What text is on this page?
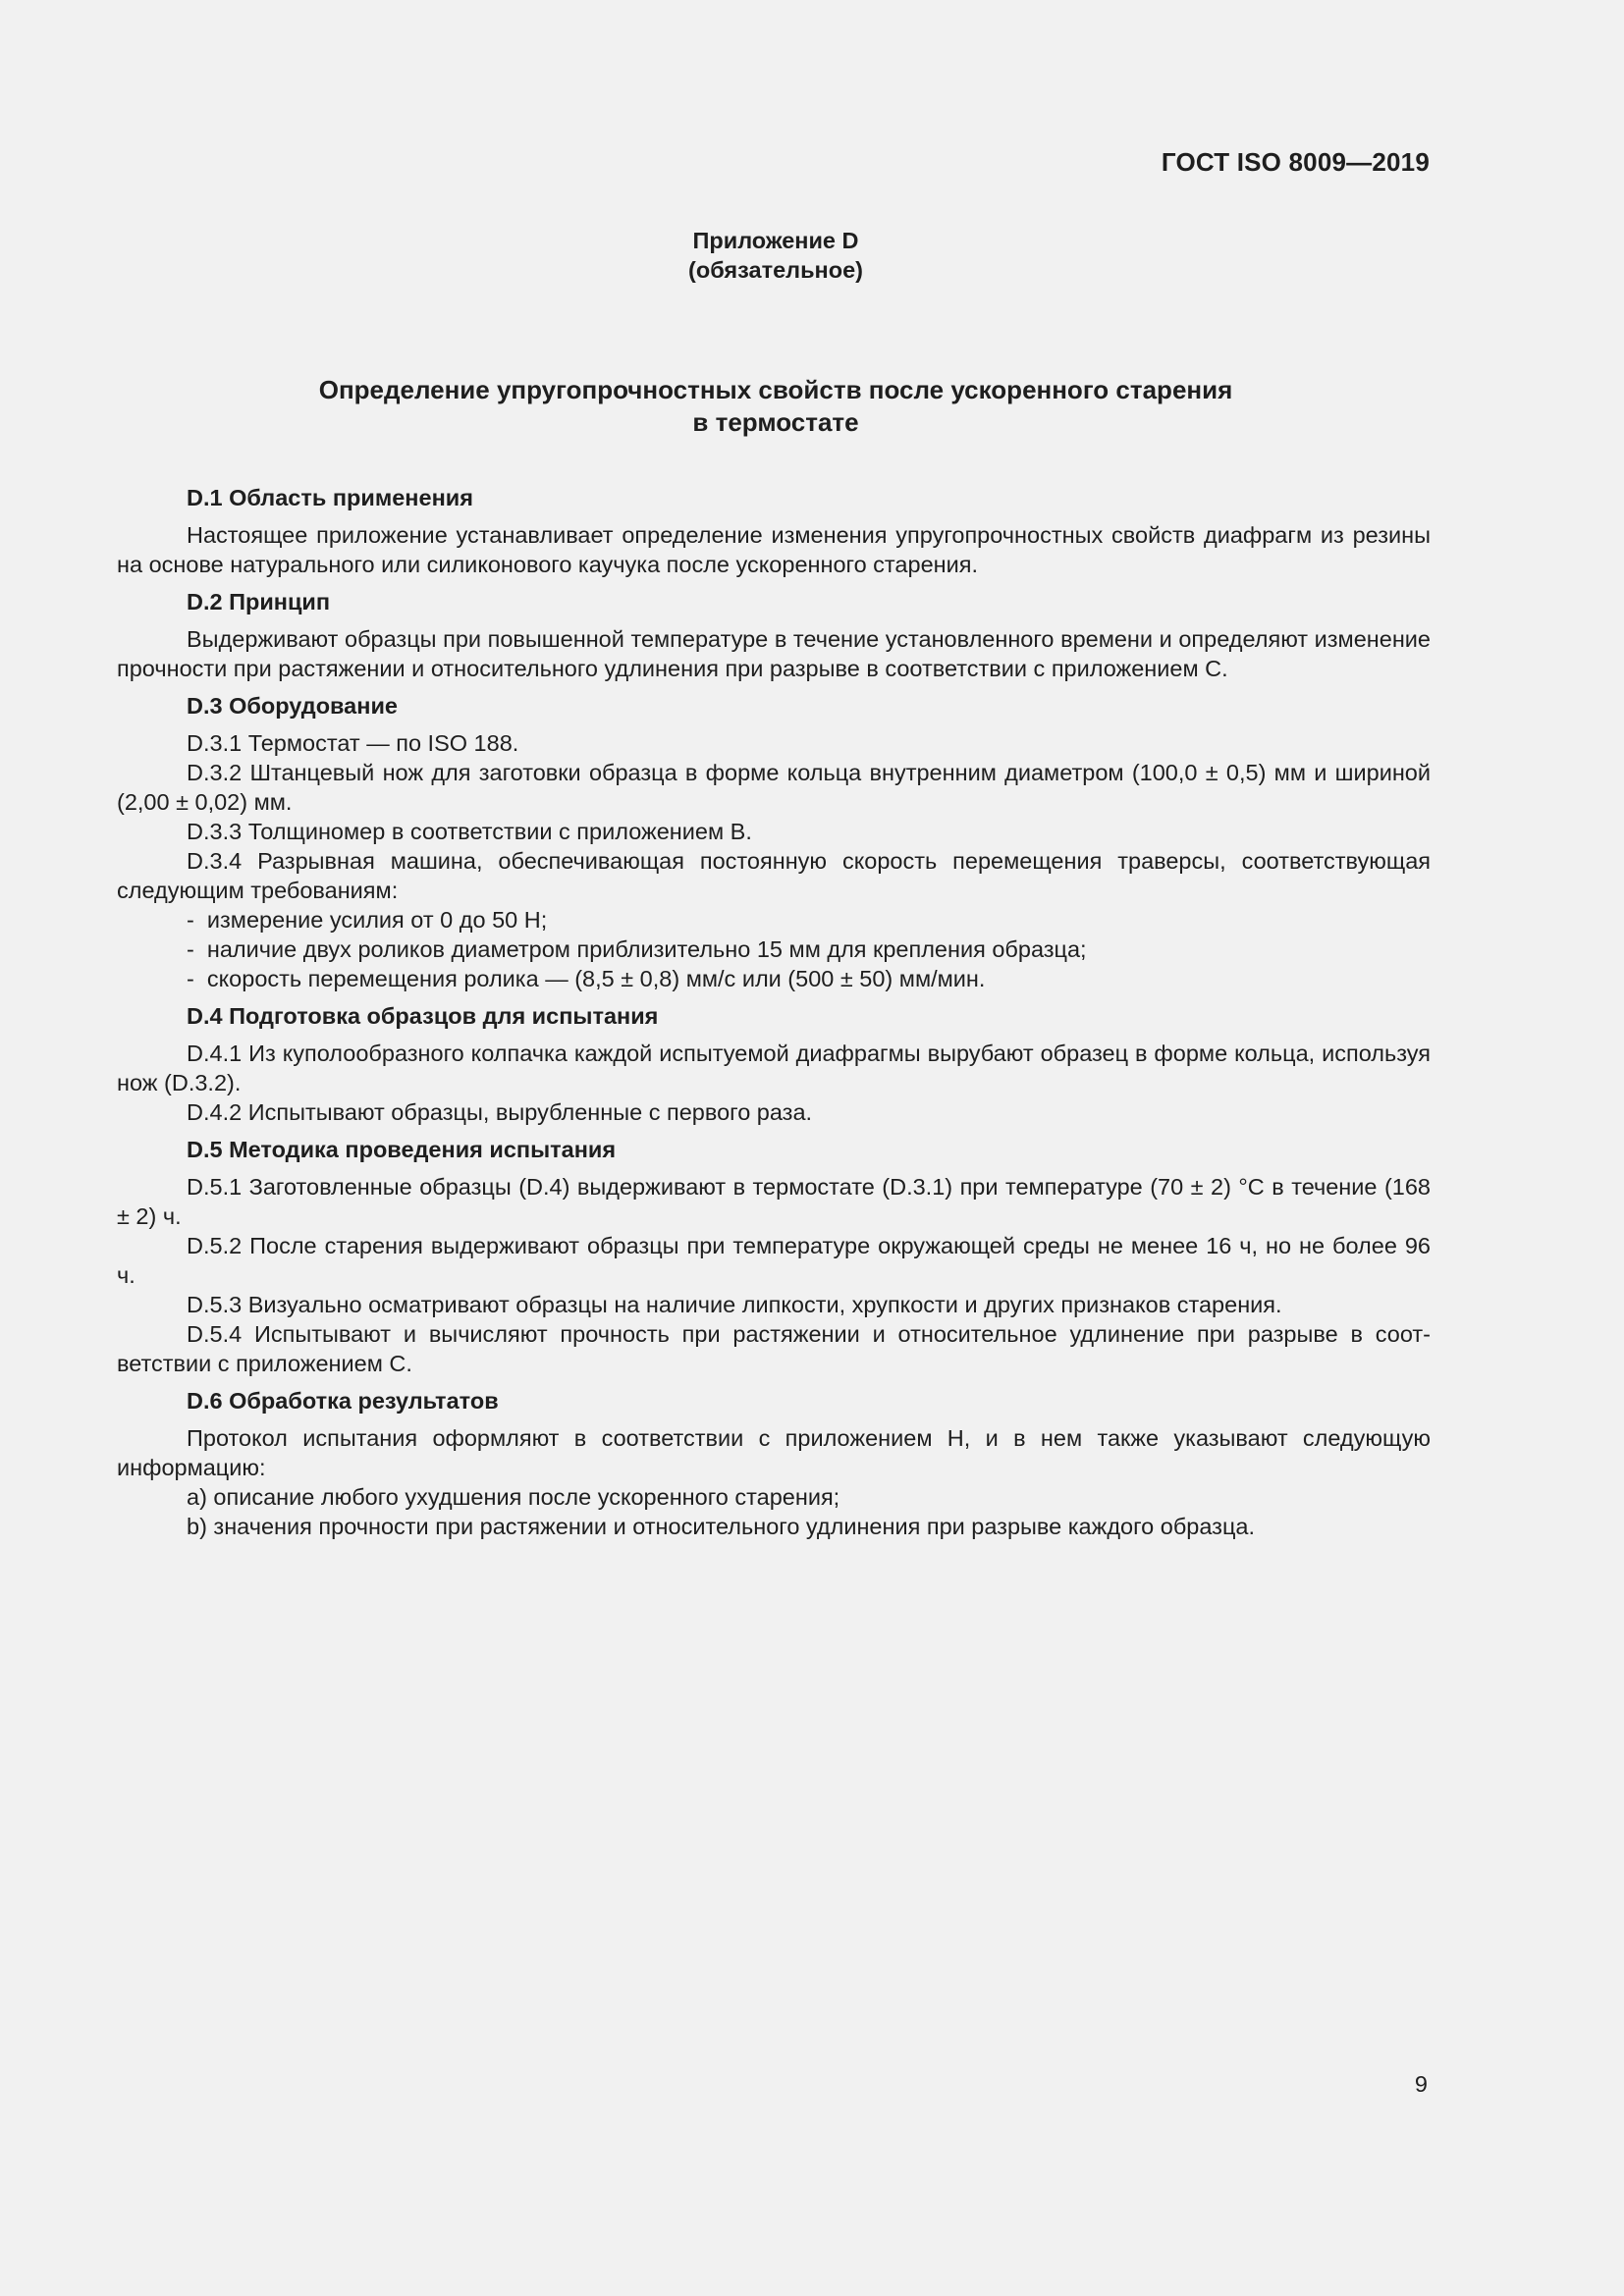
ГОСТ ISO 8009—2019
Приложение D
(обязательное)
Определение упругопрочностных свойств после ускоренного старения
в термостате
D.1 Область применения

Настоящее приложение устанавливает определение изменения упругопрочностных свойств диафрагм из резины на основе натурального или силиконового каучука после ускоренного старения.

D.2 Принцип

Выдерживают образцы при повышенной температуре в течение установленного времени и определяют изменение прочности при растяжении и относительного удлинения при разрыве в соответствии с приложением С.

D.3 Оборудование

D.3.1 Термостат — по ISO 188.

D.3.2 Штанцевый нож для заготовки образца в форме кольца внутренним диаметром (100,0 ± 0,5) мм и шириной (2,00 ± 0,02) мм.

D.3.3 Толщиномер в соответствии с приложением В.

D.3.4 Разрывная машина, обеспечивающая постоянную скорость перемещения траверсы, соответствующая следующим требованиям:

-  измерение усилия от 0 до 50 Н;

-  наличие двух роликов диаметром приблизительно 15 мм для крепления образца;

-  скорость перемещения ролика — (8,5 ± 0,8) мм/с или (500 ± 50) мм/мин.

D.4 Подготовка образцов для испытания

D.4.1 Из куполообразного колпачка каждой испытуемой диафрагмы вырубают образец в форме кольца, используя нож (D.3.2).

D.4.2 Испытывают образцы, вырубленные с первого раза.

D.5 Методика проведения испытания

D.5.1 Заготовленные образцы (D.4) выдерживают в термостате (D.3.1) при температуре (70 ± 2) °С в течение (168 ± 2) ч.

D.5.2 После старения выдерживают образцы при температуре окружающей среды не менее 16 ч, но не более 96 ч.

D.5.3 Визуально осматривают образцы на наличие липкости, хрупкости и других признаков старения.

D.5.4 Испытывают и вычисляют прочность при растяжении и относительное удлинение при разрыве в соответствии с приложением С.

D.6 Обработка результатов

Протокол испытания оформляют в соответствии с приложением Н, и в нем также указывают следующую информацию:

a) описание любого ухудшения после ускоренного старения;

b) значения прочности при растяжении и относительного удлинения при разрыве каждого образца.

9
